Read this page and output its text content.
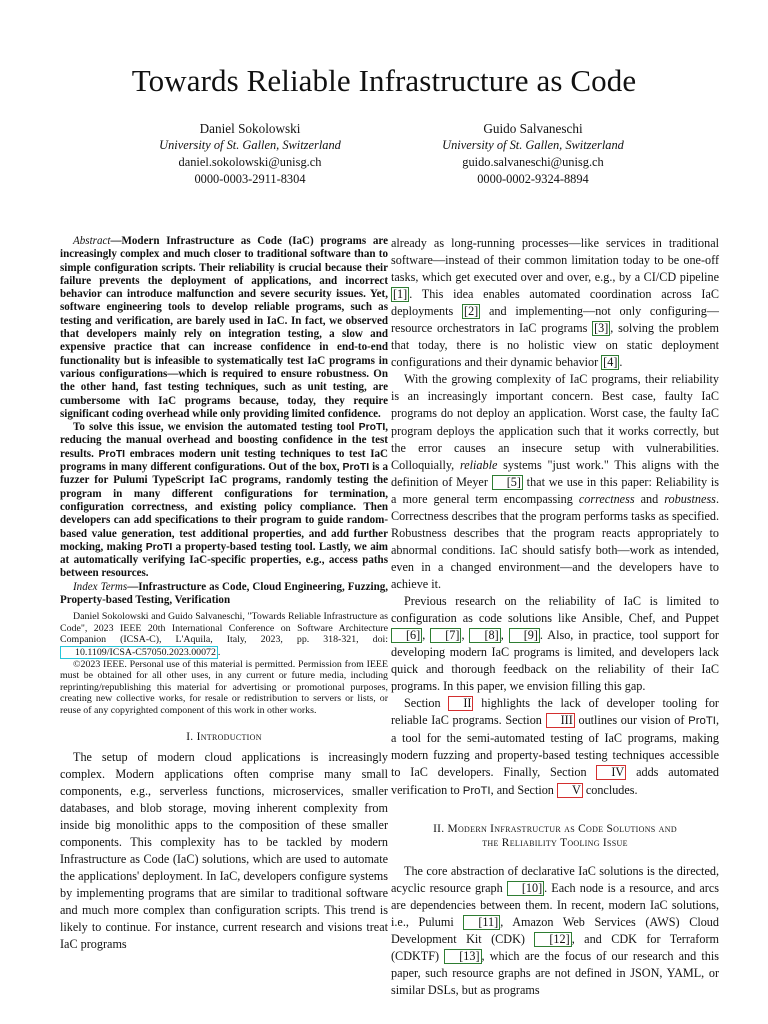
Towards Reliable Infrastructure as Code
Daniel Sokolowski
University of St. Gallen, Switzerland
daniel.sokolowski@unisg.ch
0000-0003-2911-8304
Guido Salvaneschi
University of St. Gallen, Switzerland
guido.salvaneschi@unisg.ch
0000-0002-9324-8894

Abstract—Modern Infrastructure as Code (IaC) programs are increasingly complex and much closer to traditional software than to simple configuration scripts. Their reliability is crucial because their failure prevents the deployment of applications, and incorrect behavior can introduce malfunction and severe security issues. Yet, software engineering tools to develop reliable programs, such as testing and verification, are barely used in IaC. In fact, we observed that developers mainly rely on integration testing, a slow and expensive practice that can increase confidence in end-to-end functionality but is infeasible to systematically test IaC programs in various configurations—which is required to ensure robustness. On the other hand, fast testing techniques, such as unit testing, are cumbersome with IaC programs because, today, they require significant coding overhead while only providing limited confidence.

To solve this issue, we envision the automated testing tool ProTI, reducing the manual overhead and boosting confidence in the test results. ProTI embraces modern unit testing techniques to test IaC programs in many different configurations. Out of the box, ProTI is a fuzzer for Pulumi TypeScript IaC programs, randomly testing the program in many different configurations for termination, configuration correctness, and existing policy compliance. Then developers can add specifications to their program to guide random-based value generation, test additional properties, and add further mocking, making ProTI a property-based testing tool. Lastly, we aim at automatically verifying IaC-specific properties, e.g., access paths between resources.

Index Terms—Infrastructure as Code, Cloud Engineering, Fuzzing, Property-based Testing, Verification

Daniel Sokolowski and Guido Salvaneschi, "Towards Reliable Infrastructure as Code", 2023 IEEE 20th International Conference on Software Architecture Companion (ICSA-C), L'Aquila, Italy, 2023, pp. 318-321, doi: 10.1109/ICSA-C57050.2023.00072 .

©2023 IEEE. Personal use of this material is permitted. Permission from IEEE must be obtained for all other uses, in any current or future media, including reprinting/republishing this material for advertising or promotional purposes, creating new collective works, for resale or redistribution to servers or lists, or reuse of any copyrighted component of this work in other works.

I. Introduction

The setup of modern cloud applications is increasingly complex. Modern applications often comprise many small components, e.g., serverless functions, microservices, smaller databases, and blob storage, moving inherent complexity from inside big monolithic apps to the composition of these smaller components. This complexity has to be tackled by modern Infrastructure as Code (IaC) solutions, which are used to automate the applications' deployment. In IaC, developers configure systems by implementing programs that are similar to traditional software and much more complex than configuration scripts. This trend is likely to continue. For instance, current research and visions treat IaC programs

already as long-running processes—like services in traditional software—instead of their common limitation today to be one-off tasks, which get executed over and over, e.g., by a CI/CD pipeline [1] . This idea enables automated coordination across IaC deployments [2] and implementing—not only configuring—resource orchestrators in IaC programs [3] , solving the problem that today, there is no holistic view on static deployment configurations and their dynamic behavior [4] .

With the growing complexity of IaC programs, their reliability is an increasingly important concern. Best case, faulty IaC programs do not deploy an application. Worst case, the faulty IaC program deploys the application such that it works correctly, but the error causes an insecure setup with vulnerabilities. Colloquially, reliable systems "just work." This aligns with the definition of Meyer [5] that we use in this paper: Reliability is a more general term encompassing correctness and robustness. Correctness describes that the program performs tasks as specified. Robustness describes that the program reacts appropriately to abnormal conditions. IaC should satisfy both—work as intended, even in a changed environment—and the developers have to achieve it.

Previous research on the reliability of IaC is limited to configuration as code solutions like Ansible, Chef, and Puppet [6] , [7] , [8] , [9] . Also, in practice, tool support for developing modern IaC programs is limited, and developers lack quick and thorough feedback on the reliability of their IaC programs. In this paper, we envision filling this gap.

Section II highlights the lack of developer tooling for reliable IaC programs. Section III outlines our vision of ProTI, a tool for the semi-automated testing of IaC programs, making modern fuzzing and property-based testing techniques accessible to IaC developers. Finally, Section IV adds automated verification to ProTI, and Section V concludes.

II. Modern Infrastructur as Code Solutions and
the Reliability Tooling Issue

The core abstraction of declarative IaC solutions is the directed, acyclic resource graph [10] . Each node is a resource, and arcs are dependencies between them. In recent, modern IaC solutions, i.e., Pulumi [11] , Amazon Web Services (AWS) Cloud Development Kit (CDK) [12] , and CDK for Terraform (CDKTF) [13] , which are the focus of our research and this paper, such resource graphs are not defined in JSON, YAML, or similar DSLs, but as programs
